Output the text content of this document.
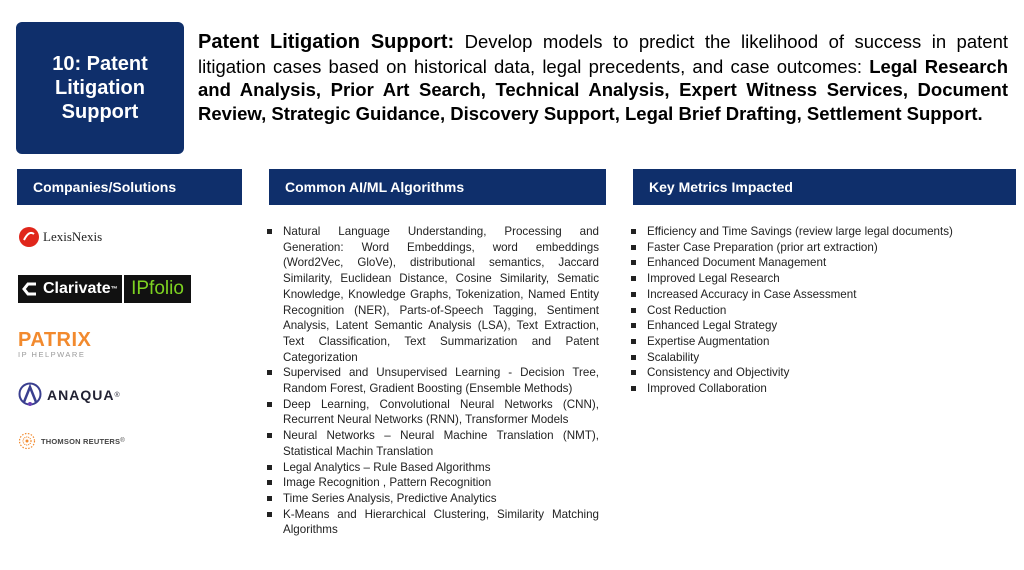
10: Patent Litigation Support
Patent Litigation Support: Develop models to predict the likelihood of success in patent litigation cases based on historical data, legal precedents, and case outcomes: Legal Research and Analysis, Prior Art Search, Technical Analysis, Expert Witness Services, Document Review, Strategic Guidance, Discovery Support, Legal Brief Drafting, Settlement Support.
Companies/Solutions	Common AI/ML Algorithms	Key Metrics Impacted
LexisNexis
Clarivate ™ IPfolio
PATRIX
IP HELPWARE
ANAQUA ®
THOMSON REUTERS ®
Natural Language Understanding, Processing and Generation: Word Embeddings, word embeddings (Word2Vec, GloVe), distributional semantics, Jaccard Similarity, Euclidean Distance, Cosine Similarity, Sematic Knowledge, Knowledge Graphs, Tokenization, Named Entity Recognition (NER), Parts-of-Speech Tagging, Sentiment Analysis, Latent Semantic Analysis (LSA), Text Extraction, Text Classification, Text Summarization and Patent Categorization
Supervised and Unsupervised Learning - Decision Tree, Random Forest, Gradient Boosting (Ensemble Methods)
Deep Learning, Convolutional Neural Networks (CNN), Recurrent Neural Networks (RNN), Transformer Models
Neural Networks – Neural Machine Translation (NMT), Statistical Machin Translation
Legal Analytics – Rule Based Algorithms
Image Recognition , Pattern Recognition
Time Series Analysis, Predictive Analytics
K-Means and Hierarchical Clustering, Similarity Matching Algorithms
Efficiency and Time Savings (review large legal documents)
Faster Case Preparation (prior art extraction)
Enhanced Document Management
Improved Legal Research
Increased Accuracy in Case Assessment
Cost Reduction
Enhanced Legal Strategy
Expertise Augmentation
Scalability
Consistency and Objectivity
Improved Collaboration
